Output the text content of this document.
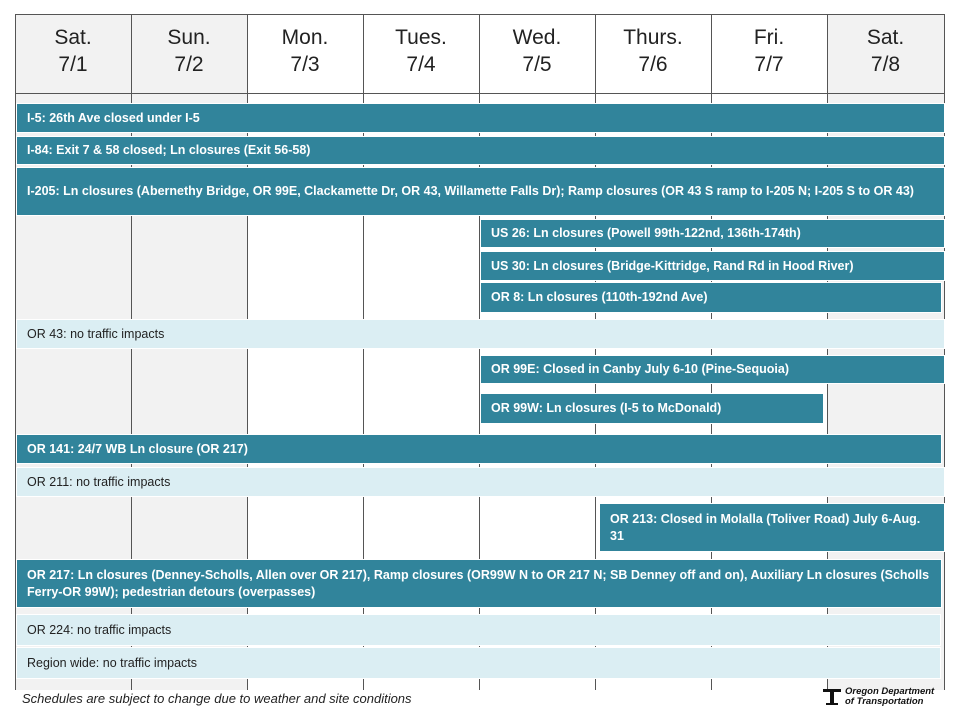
Sat.
7/1
Sun.
7/2
Mon.
7/3
Tues.
7/4
Wed.
7/5
Thurs.
7/6
Fri.
7/7
Sat.
7/8
I-5: 26th Ave closed under I-5
I-84: Exit 7 & 58 closed; Ln closures (Exit 56-58)
I-205: Ln closures (Abernethy Bridge, OR 99E, Clackamette Dr, OR 43, Willamette Falls Dr); Ramp closures (OR 43 S ramp to I-205 N; I-205 S to OR 43)
US 26: Ln closures (Powell 99th-122nd, 136th-174th)
US 30: Ln closures (Bridge-Kittridge, Rand Rd in Hood River)
OR 8: Ln closures (110th-192nd Ave)
OR 43: no traffic impacts
OR 99E: Closed in Canby July 6-10 (Pine-Sequoia)
OR 99W: Ln closures (I-5 to McDonald)
OR 141: 24/7 WB Ln closure (OR 217)
OR 211: no traffic impacts
OR 213: Closed in Molalla (Toliver Road) July 6-Aug. 31
OR 217: Ln closures (Denney-Scholls, Allen over OR 217), Ramp closures (OR99W N to OR 217 N; SB Denney off and on), Auxiliary Ln closures (Scholls Ferry-OR 99W); pedestrian detours (overpasses)
OR 224: no traffic impacts
Region wide: no traffic impacts
Schedules are subject to change due to weather and site conditions	Oregon Department
of Transportation
